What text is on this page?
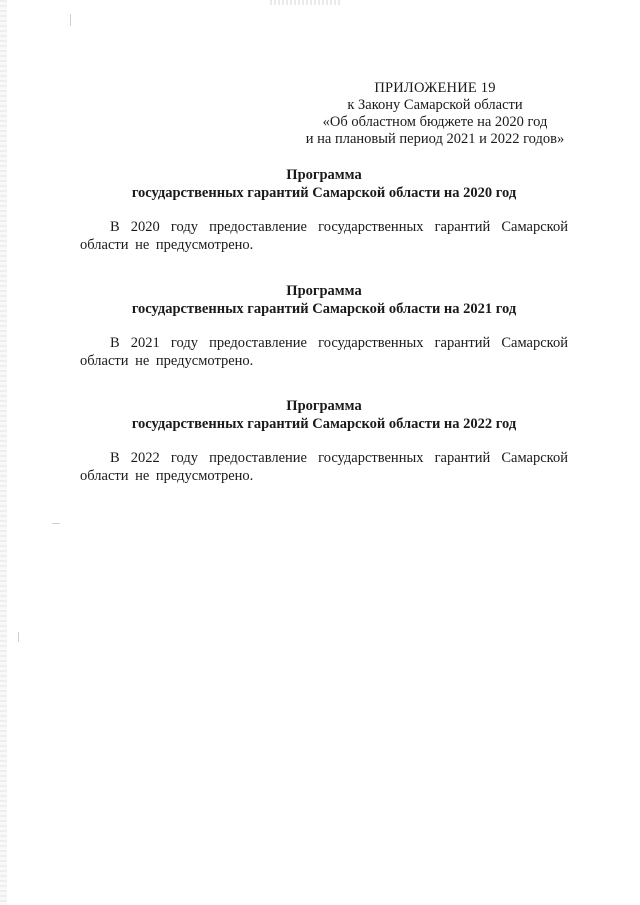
ПРИЛОЖЕНИЕ 19
к Закону Самарской области
«Об областном бюджете на 2020 год
и на плановый период 2021 и 2022 годов»
Программа
государственных гарантий Самарской области на 2020 год
В 2020 году предоставление государственных гарантий Самарской области не предусмотрено.
Программа
государственных гарантий Самарской области на 2021 год
В 2021 году предоставление государственных гарантий Самарской области не предусмотрено.
Программа
государственных гарантий Самарской области на 2022 год
В 2022 году предоставление государственных гарантий Самарской области не предусмотрено.
